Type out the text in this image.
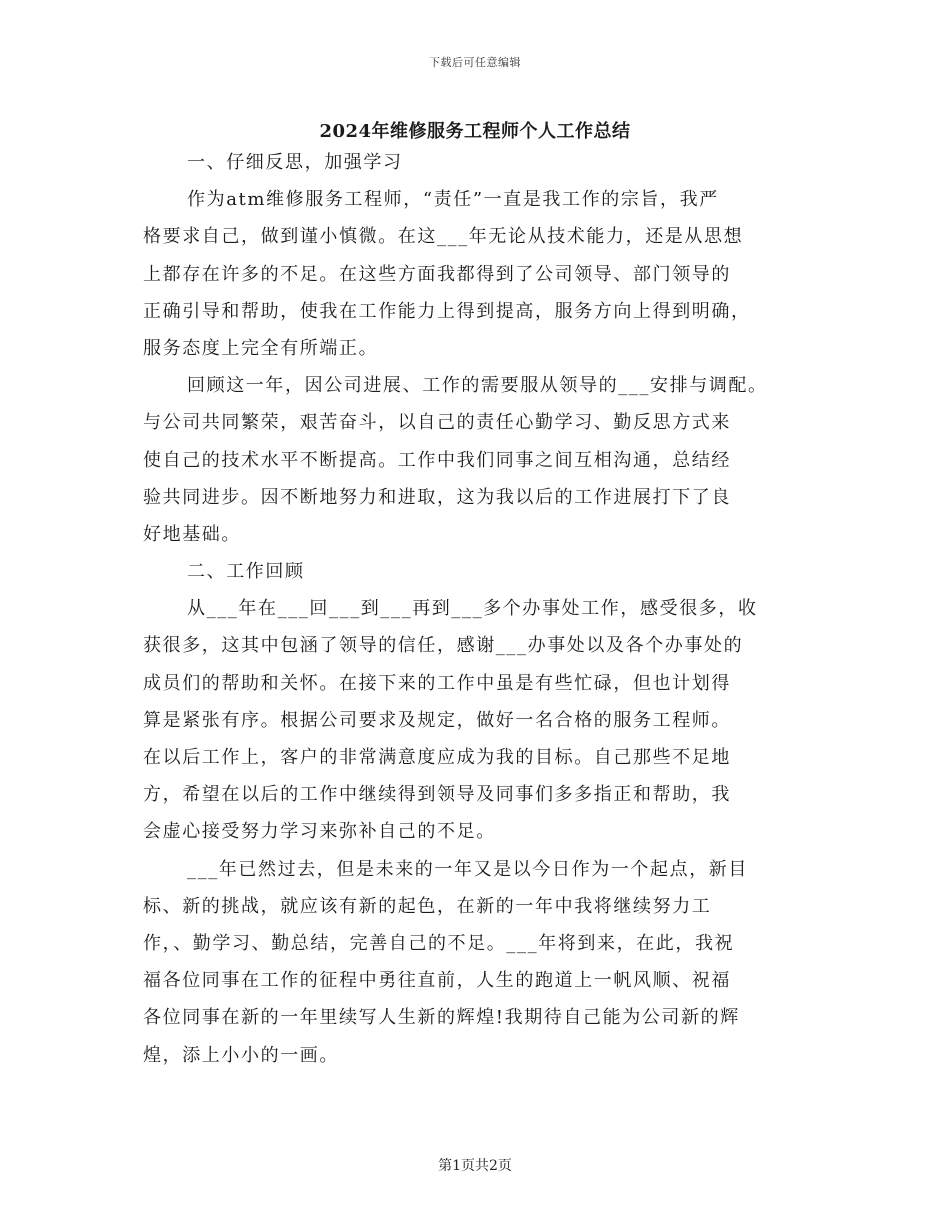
下载后可任意编辑
2024年维修服务工程师个人工作总结
一、仔细反思，加强学习
作为atm维修服务工程师，“责任”一直是我工作的宗旨，我严
格要求自己，做到谨小慎微。在这___年无论从技术能力，还是从思想
上都存在许多的不足。在这些方面我都得到了公司领导、部门领导的
正确引导和帮助，使我在工作能力上得到提高，服务方向上得到明确，
服务态度上完全有所端正。
回顾这一年，因公司进展、工作的需要服从领导的___安排与调配。
与公司共同繁荣，艰苦奋斗，以自己的责任心勤学习、勤反思方式来
使自己的技术水平不断提高。工作中我们同事之间互相沟通，总结经
验共同进步。因不断地努力和进取，这为我以后的工作进展打下了良
好地基础。
二、工作回顾
从___年在___回___到___再到___多个办事处工作，感受很多，收
获很多，这其中包涵了领导的信任，感谢___办事处以及各个办事处的
成员们的帮助和关怀。在接下来的工作中虽是有些忙碌，但也计划得
算是紧张有序。根据公司要求及规定，做好一名合格的服务工程师。
在以后工作上，客户的非常满意度应成为我的目标。自己那些不足地
方，希望在以后的工作中继续得到领导及同事们多多指正和帮助，我
会虚心接受努力学习来弥补自己的不足。
___年已然过去，但是未来的一年又是以今日作为一个起点，新目
标、新的挑战，就应该有新的起色，在新的一年中我将继续努力工
作，、勤学习、勤总结，完善自己的不足。___年将到来，在此，我祝
福各位同事在工作的征程中勇往直前，人生的跑道上一帆风顺、祝福
各位同事在新的一年里续写人生新的辉煌!我期待自己能为公司新的辉
煌，添上小小的一画。
第1页共2页
